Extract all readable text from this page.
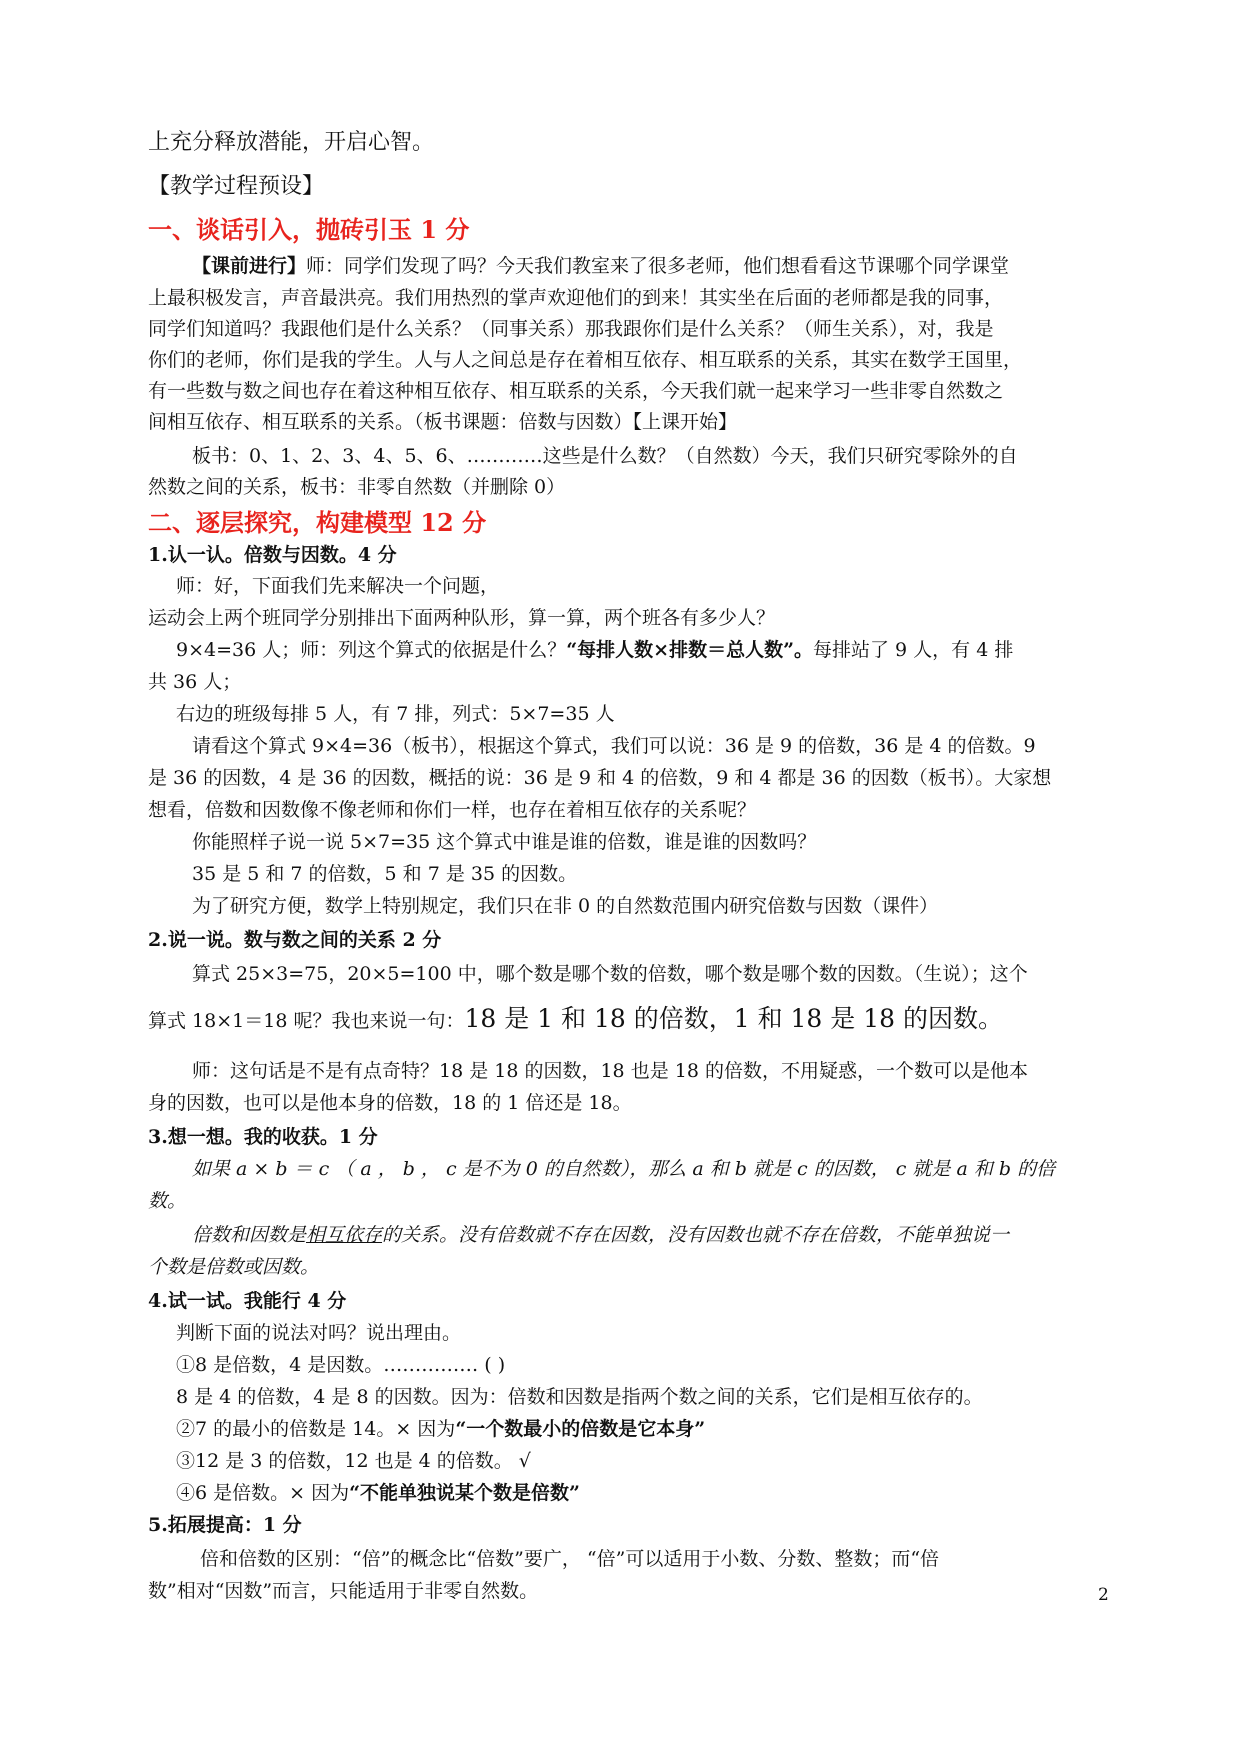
上充分释放潜能，开启心智。
【教学过程预设】
一、谈话引入，抛砖引玉 1 分
【课前进行】师：同学们发现了吗？今天我们教室来了很多老师，他们想看看这节课哪个同学课堂
上最积极发言，声音最洪亮。我们用热烈的掌声欢迎他们的到来！其实坐在后面的老师都是我的同事，
同学们知道吗？我跟他们是什么关系？（同事关系）那我跟你们是什么关系？（师生关系），对，我是
你们的老师，你们是我的学生。人与人之间总是存在着相互依存、相互联系的关系，其实在数学王国里，
有一些数与数之间也存在着这种相互依存、相互联系的关系，今天我们就一起来学习一些非零自然数之
间相互依存、相互联系的关系。（板书课题：倍数与因数）【上课开始】
板书：0、1、2、3、4、5、6、…………这些是什么数？（自然数）今天，我们只研究零除外的自
然数之间的关系，板书：非零自然数（并删除 0）
二、逐层探究，构建模型 12 分
1.认一认。倍数与因数。4 分
师：好，下面我们先来解决一个问题，
运动会上两个班同学分别排出下面两种队形，算一算，两个班各有多少人？
9×4=36 人；师：列这个算式的依据是什么？“每排人数×排数＝总人数”。每排站了 9 人，有 4 排
共 36 人；
右边的班级每排 5 人，有 7 排，列式：5×7=35 人
请看这个算式 9×4=36（板书），根据这个算式，我们可以说：36 是 9 的倍数，36 是 4 的倍数。9
是 36 的因数，4 是 36 的因数，概括的说：36 是 9 和 4 的倍数，9 和 4 都是 36 的因数（板书）。大家想
想看，倍数和因数像不像老师和你们一样，也存在着相互依存的关系呢？
你能照样子说一说 5×7=35 这个算式中谁是谁的倍数，谁是谁的因数吗？
35 是 5 和 7 的倍数，5 和 7 是 35 的因数。
为了研究方便，数学上特别规定，我们只在非 0 的自然数范围内研究倍数与因数（课件）
2.说一说。数与数之间的关系 2 分
算式 25×3=75，20×5=100 中，哪个数是哪个数的倍数，哪个数是哪个数的因数。（生说）；这个
算式 18×1＝18 呢？我也来说一句：18 是 1 和 18 的倍数，1 和 18 是 18 的因数。
师：这句话是不是有点奇特？18 是 18 的因数，18 也是 18 的倍数，不用疑惑，一个数可以是他本
身的因数，也可以是他本身的倍数，18 的 1 倍还是 18。
3.想一想。我的收获。1 分
如果 a × b ＝ c （ a ， b ， c 是不为 0 的自然数），那么 a 和 b 就是 c 的因数， c 就是 a 和 b 的倍
数。
倍数和因数是相互依存的关系。没有倍数就不存在因数，没有因数也就不存在倍数，不能单独说一
个数是倍数或因数。
4.试一试。我能行 4 分
判断下面的说法对吗？说出理由。
①8 是倍数，4 是因数。…………… ( )
8 是 4 的倍数，4 是 8 的因数。因为：倍数和因数是指两个数之间的关系，它们是相互依存的。
②7 的最小的倍数是 14。× 因为“一个数最小的倍数是它本身”
③12 是 3 的倍数，12 也是 4 的倍数。 √
④6 是倍数。× 因为“不能单独说某个数是倍数”
5.拓展提高：1 分
倍和倍数的区别：“倍”的概念比“倍数”要广， “倍”可以适用于小数、分数、整数；而“倍
数”相对“因数”而言，只能适用于非零自然数。	2
